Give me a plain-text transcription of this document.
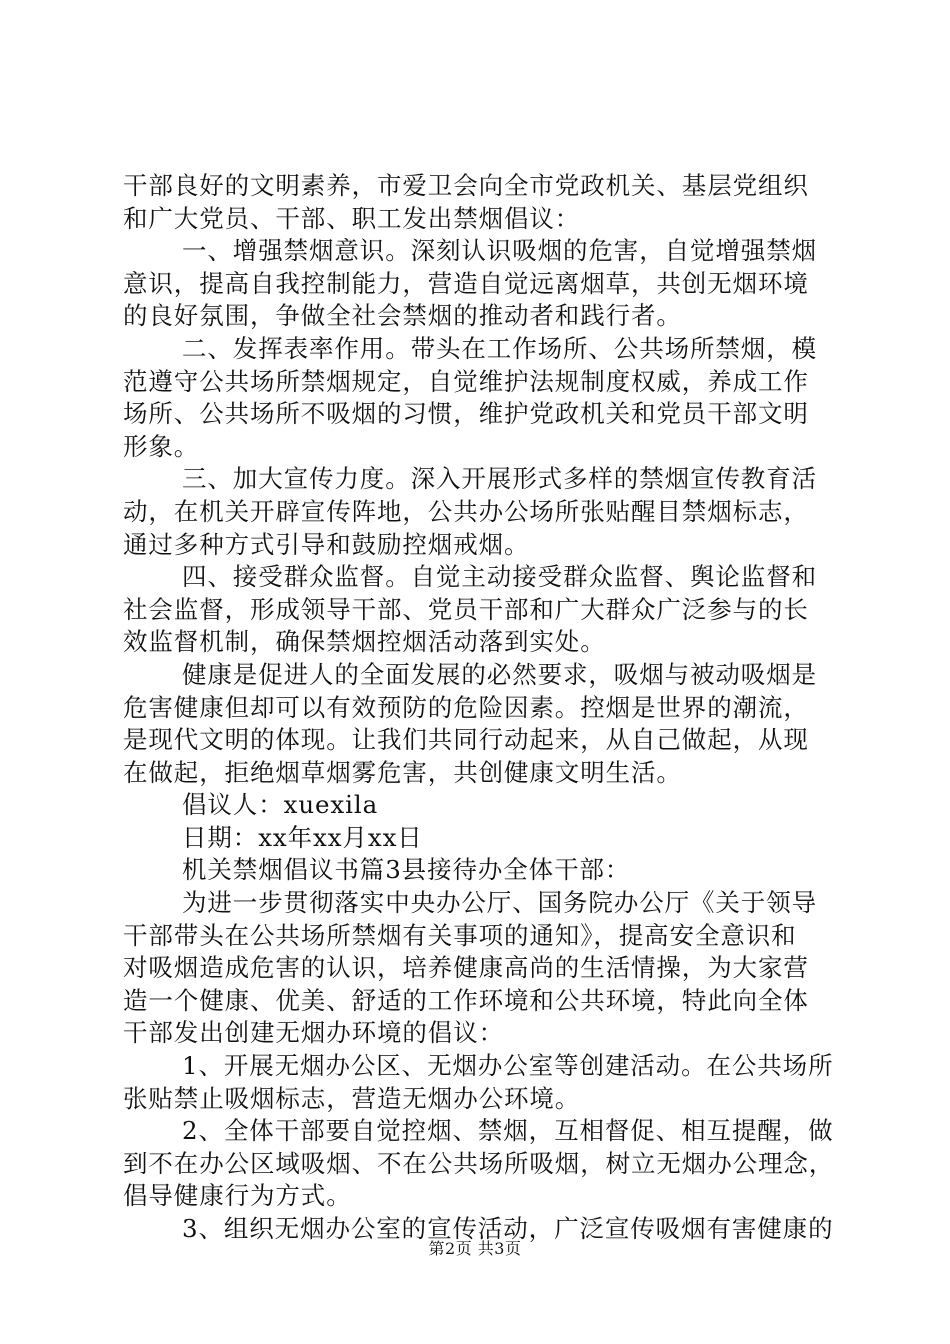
干部良好的文明素养，市爱卫会向全市党政机关、基层党组织
和广大党员、干部、职工发出禁烟倡议：
一、增强禁烟意识。深刻认识吸烟的危害，自觉增强禁烟
意识，提高自我控制能力，营造自觉远离烟草，共创无烟环境
的良好氛围，争做全社会禁烟的推动者和践行者。
二、发挥表率作用。带头在工作场所、公共场所禁烟，模
范遵守公共场所禁烟规定，自觉维护法规制度权威，养成工作
场所、公共场所不吸烟的习惯，维护党政机关和党员干部文明
形象。
三、加大宣传力度。深入开展形式多样的禁烟宣传教育活
动，在机关开辟宣传阵地，公共办公场所张贴醒目禁烟标志，
通过多种方式引导和鼓励控烟戒烟。
四、接受群众监督。自觉主动接受群众监督、舆论监督和
社会监督，形成领导干部、党员干部和广大群众广泛参与的长
效监督机制，确保禁烟控烟活动落到实处。
健康是促进人的全面发展的必然要求，吸烟与被动吸烟是
危害健康但却可以有效预防的危险因素。控烟是世界的潮流，
是现代文明的体现。让我们共同行动起来，从自己做起，从现
在做起，拒绝烟草烟雾危害，共创健康文明生活。
倡议人：xuexila
日期：xx年xx月xx日
机关禁烟倡议书篇3县接待办全体干部：
为进一步贯彻落实中央办公厅、国务院办公厅《关于领导
干部带头在公共场所禁烟有关事项的通知》，提高安全意识和
对吸烟造成危害的认识，培养健康高尚的生活情操，为大家营
造一个健康、优美、舒适的工作环境和公共环境，特此向全体
干部发出创建无烟办环境的倡议：
1、开展无烟办公区、无烟办公室等创建活动。在公共场所
张贴禁止吸烟标志，营造无烟办公环境。
2、全体干部要自觉控烟、禁烟，互相督促、相互提醒，做
到不在办公区域吸烟、不在公共场所吸烟，树立无烟办公理念，
倡导健康行为方式。
3、组织无烟办公室的宣传活动，广泛宣传吸烟有害健康的
第2页 共3页
